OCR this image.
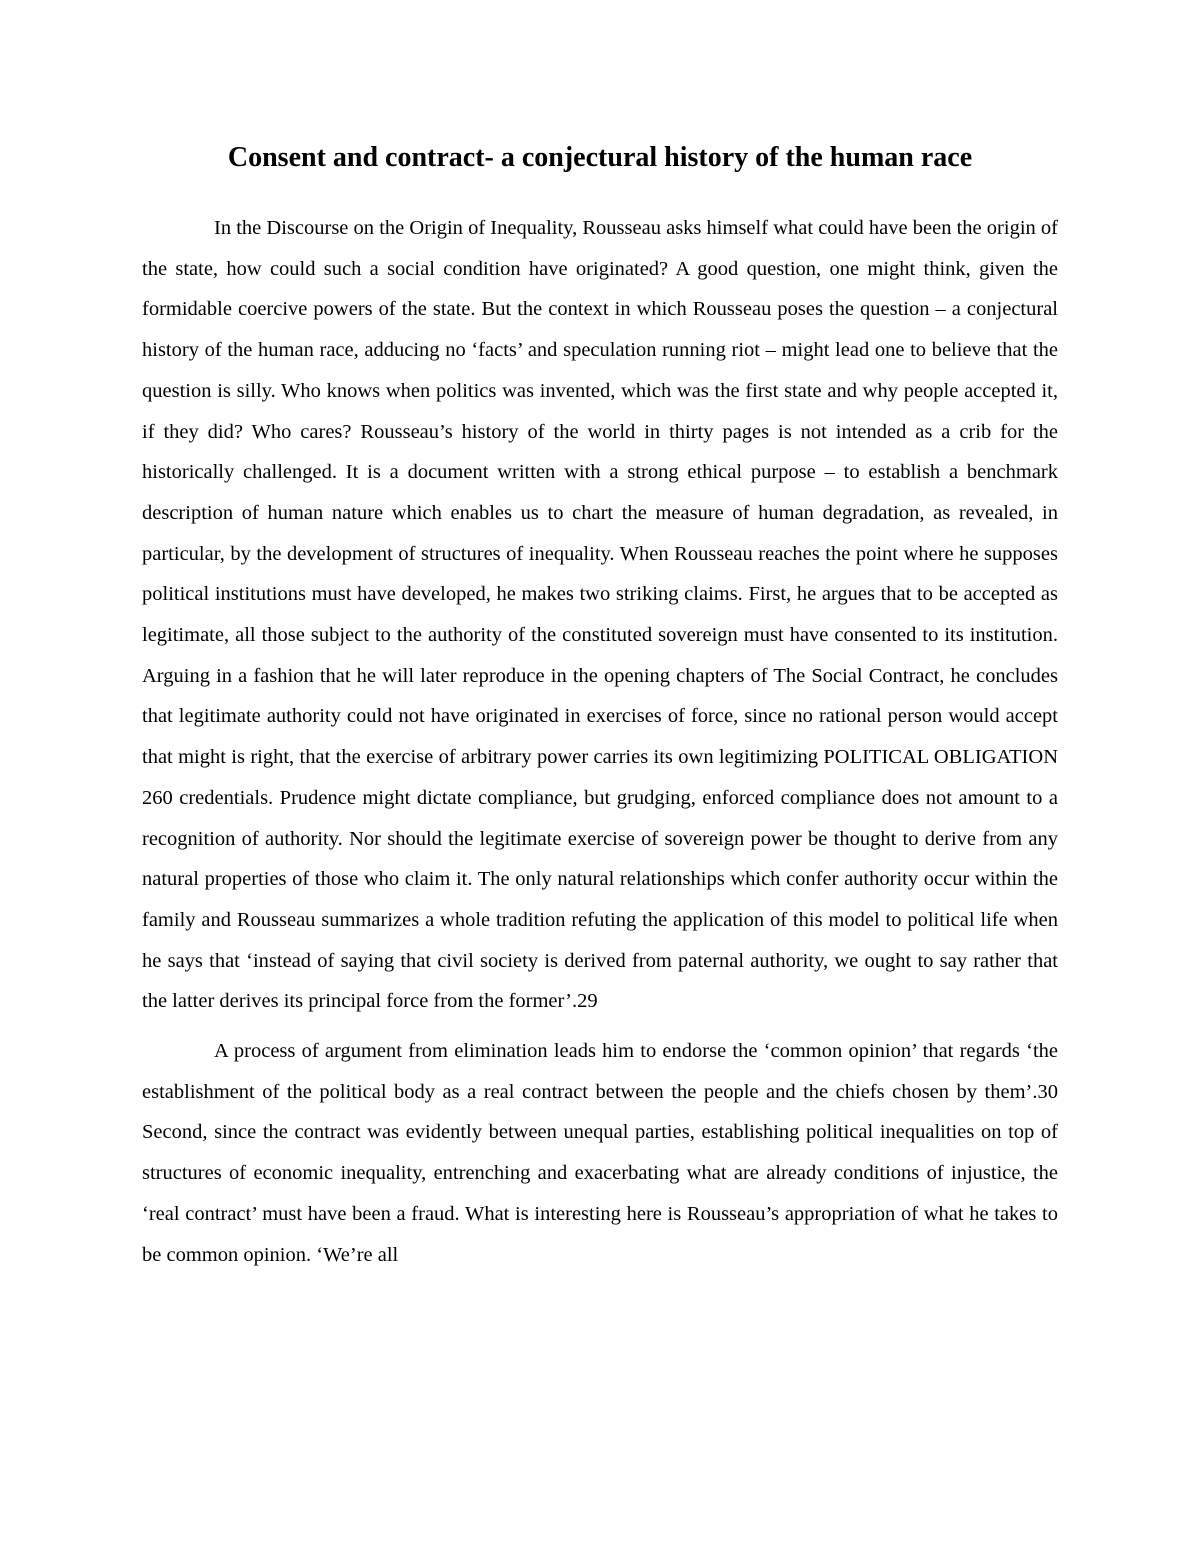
Consent and contract- a conjectural history of the human race

In the Discourse on the Origin of Inequality, Rousseau asks himself what could have been the origin of the state, how could such a social condition have originated? A good question, one might think, given the formidable coercive powers of the state. But the context in which Rousseau poses the question – a conjectural history of the human race, adducing no ‘facts’ and speculation running riot – might lead one to believe that the question is silly. Who knows when politics was invented, which was the first state and why people accepted it, if they did? Who cares? Rousseau’s history of the world in thirty pages is not intended as a crib for the historically challenged. It is a document written with a strong ethical purpose – to establish a benchmark description of human nature which enables us to chart the measure of human degradation, as revealed, in particular, by the development of structures of inequality. When Rousseau reaches the point where he supposes political institutions must have developed, he makes two striking claims. First, he argues that to be accepted as legitimate, all those subject to the authority of the constituted sovereign must have consented to its institution. Arguing in a fashion that he will later reproduce in the opening chapters of The Social Contract, he concludes that legitimate authority could not have originated in exercises of force, since no rational person would accept that might is right, that the exercise of arbitrary power carries its own legitimizing POLITICAL OBLIGATION 260 credentials. Prudence might dictate compliance, but grudging, enforced compliance does not amount to a recognition of authority. Nor should the legitimate exercise of sovereign power be thought to derive from any natural properties of those who claim it. The only natural relationships which confer authority occur within the family and Rousseau summarizes a whole tradition refuting the application of this model to political life when he says that ‘instead of saying that civil society is derived from paternal authority, we ought to say rather that the latter derives its principal force from the former’.29

A process of argument from elimination leads him to endorse the ‘common opinion’ that regards ‘the establishment of the political body as a real contract between the people and the chiefs chosen by them’.30 Second, since the contract was evidently between unequal parties, establishing political inequalities on top of structures of economic inequality, entrenching and exacerbating what are already conditions of injustice, the ‘real contract’ must have been a fraud. What is interesting here is Rousseau’s appropriation of what he takes to be common opinion. ‘We’re all
